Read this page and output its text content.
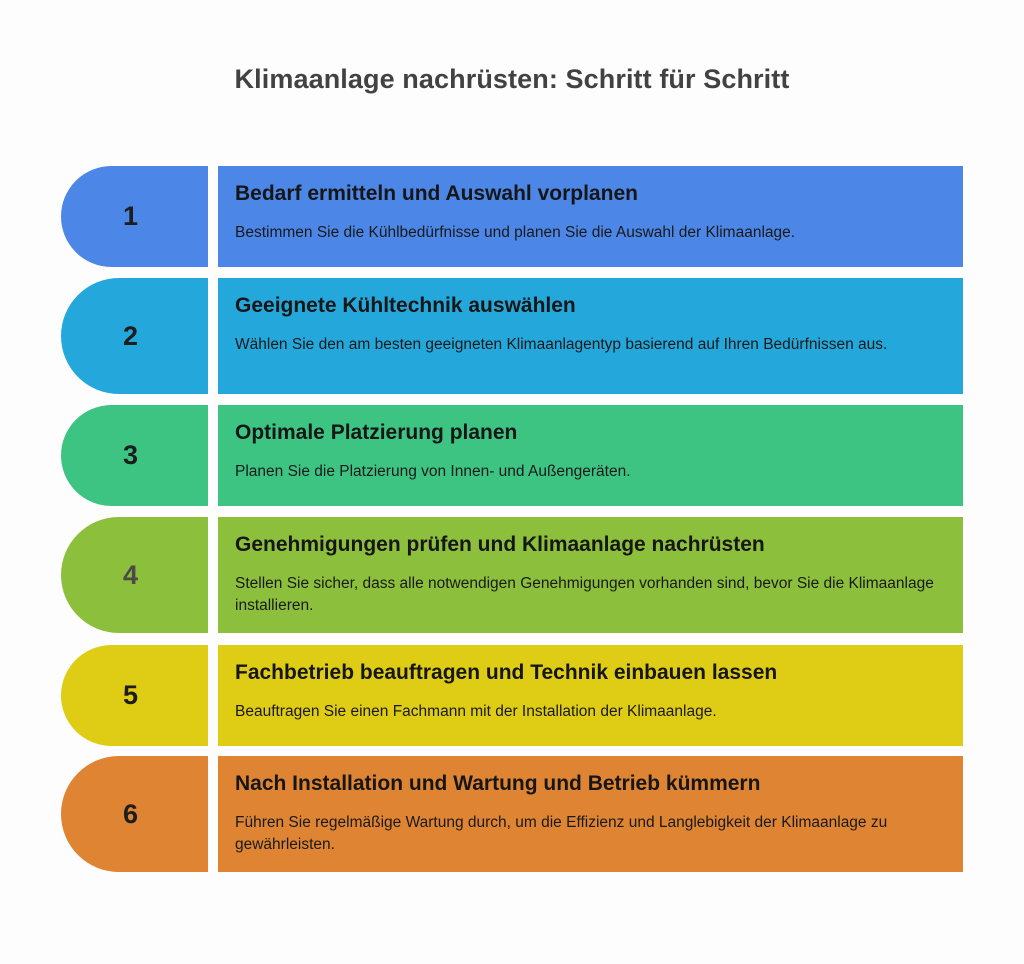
Klimaanlage nachrüsten: Schritt für Schritt
1
Bedarf ermitteln und Auswahl vorplanen
Bestimmen Sie die Kühlbedürfnisse und planen Sie die Auswahl der Klimaanlage.
2
Geeignete Kühltechnik auswählen
Wählen Sie den am besten geeigneten Klimaanlagentyp basierend auf Ihren Bedürfnissen aus.
3
Optimale Platzierung planen
Planen Sie die Platzierung von Innen- und Außengeräten.
4
Genehmigungen prüfen und Klimaanlage nachrüsten
Stellen Sie sicher, dass alle notwendigen Genehmigungen vorhanden sind, bevor Sie die Klimaanlage installieren.
5
Fachbetrieb beauftragen und Technik einbauen lassen
Beauftragen Sie einen Fachmann mit der Installation der Klimaanlage.
6
Nach Installation und Wartung und Betrieb kümmern
Führen Sie regelmäßige Wartung durch, um die Effizienz und Langlebigkeit der Klimaanlage zu gewährleisten.
